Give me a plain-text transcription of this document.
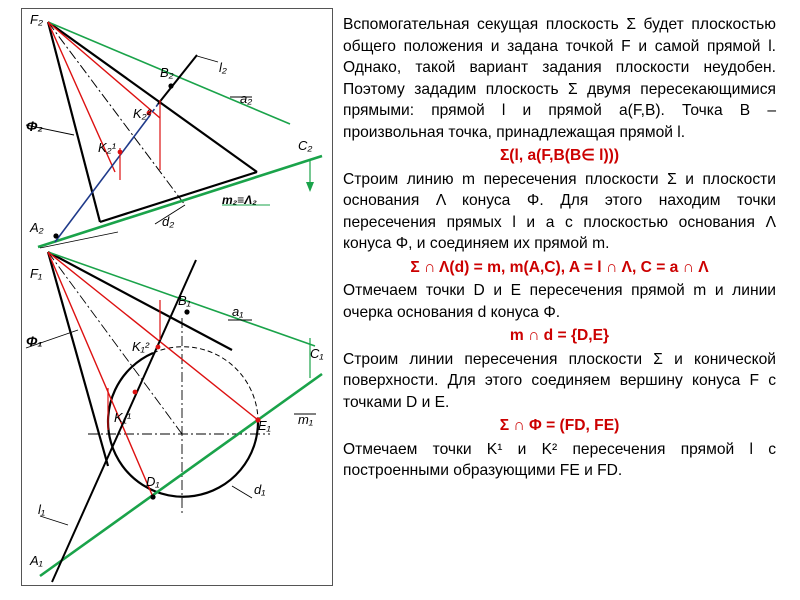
F₂
B₂	l₂
a₂
Φ₂
K₂²
K₂¹	C₂
m₂≡Λ₂
d₂
A₂
F₁
B₁
a₁
Φ₁	K₁²	C₁
K₁¹
E₁ m₁
D₁
d₁
l₁
A₁

Вспомогательная секущая плоскость Σ будет плоскостью общего положения и задана точкой F и самой прямой l. Однако, такой вариант задания плоскости неудобен. Поэтому зададим плоскость Σ двумя пересекающимися прямыми: прямой l и прямой a(F,B). Точка B – произвольная точка, принадлежащая прямой l.

Σ(l, a(F,B(B∈ l)))

Строим линию m пересечения плоскости Σ и плоскости основания Λ конуса Φ. Для этого находим точки пересечения прямых l и a с плоскостью основания Λ конуса Φ, и соединяем их прямой m.

Σ ∩ Λ(d) = m, m(A,C), A = l ∩ Λ, C = a ∩ Λ

Отмечаем точки D и E пересечения прямой m и линии очерка основания d конуса Φ.

m ∩ d = {D,E}

Строим линии пересечения плоскости Σ и конической поверхности. Для этого соединяем вершину конуса F с точками D и E.

Σ ∩ Φ = (FD, FE)

Отмечаем точки K¹ и K² пересечения прямой l с построенными образующими FE и FD.
